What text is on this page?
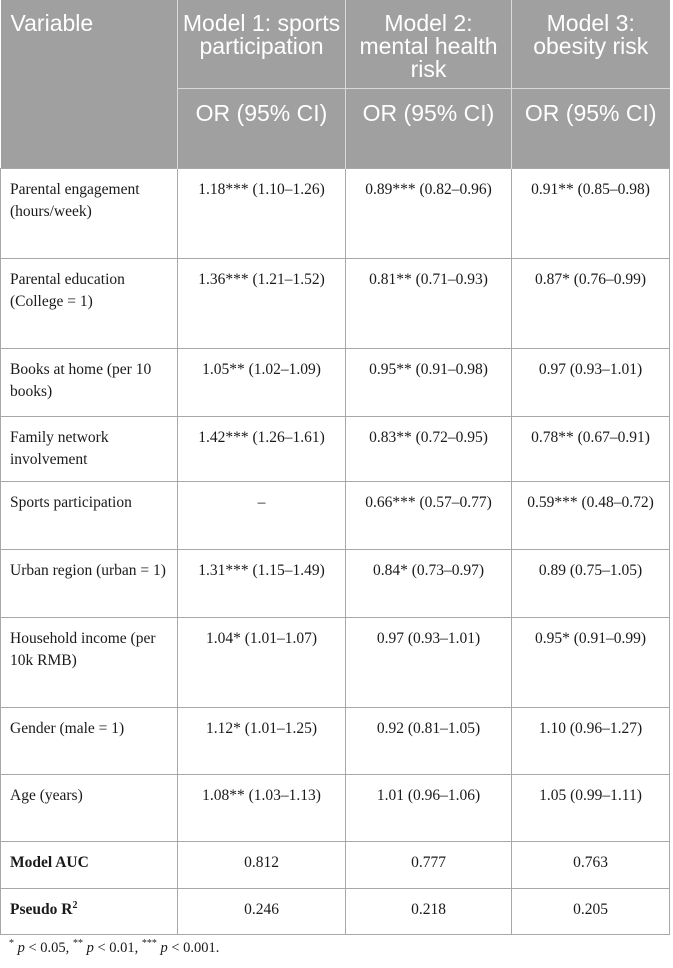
Variable	Model 1: sports participation	Model 2: mental health risk	Model 3: obesity risk
	OR (95% CI)	OR (95% CI)	OR (95% CI)
Parental engagement (hours/week)	1.18*** (1.10–1.26)	0.89*** (0.82–0.96)	0.91** (0.85–0.98)
Parental education (College = 1)	1.36*** (1.21–1.52)	0.81** (0.71–0.93)	0.87* (0.76–0.99)
Books at home (per 10 books)	1.05** (1.02–1.09)	0.95** (0.91–0.98)	0.97 (0.93–1.01)
Family network involvement	1.42*** (1.26–1.61)	0.83** (0.72–0.95)	0.78** (0.67–0.91)
Sports participation	–	0.66*** (0.57–0.77)	0.59*** (0.48–0.72)
Urban region (urban = 1)	1.31*** (1.15–1.49)	0.84* (0.73–0.97)	0.89 (0.75–1.05)
Household income (per 10k RMB)	1.04* (1.01–1.07)	0.97 (0.93–1.01)	0.95* (0.91–0.99)
Gender (male = 1)	1.12* (1.01–1.25)	0.92 (0.81–1.05)	1.10 (0.96–1.27)
Age (years)	1.08** (1.03–1.13)	1.01 (0.96–1.06)	1.05 (0.99–1.11)
Model AUC	0.812	0.777	0.763
Pseudo $R^2$	0.246	0.218	0.205
* p < 0.05, ** p < 0.01, *** p < 0.001.
